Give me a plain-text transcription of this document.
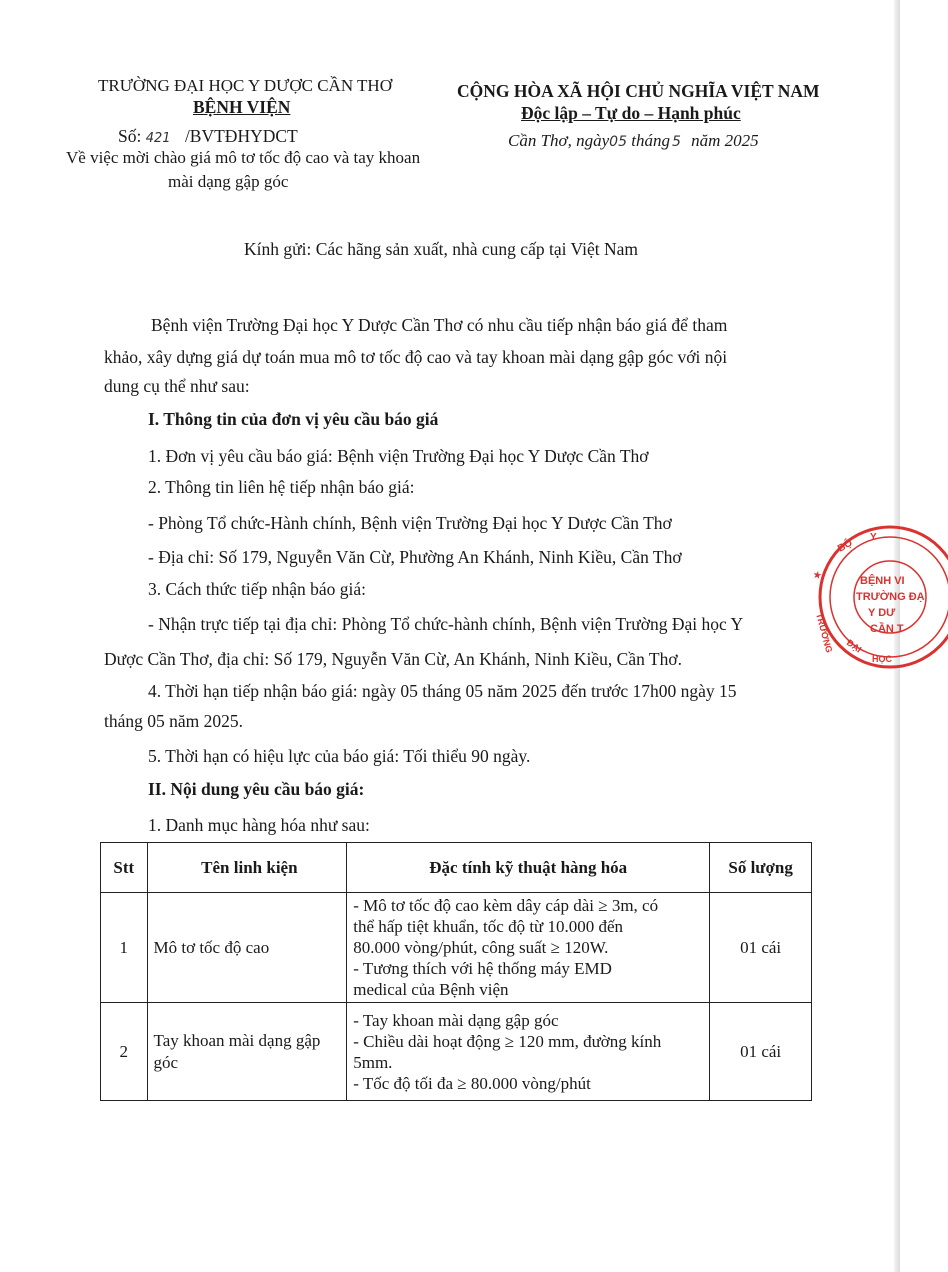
TRƯỜNG ĐẠI HỌC Y DƯỢC CẦN THƠ
BỆNH VIỆN
Số: 421 /BVTĐHYDCT
Về việc mời chào giá mô tơ tốc độ cao và tay khoan
mài dạng gập góc
CỘNG HÒA XÃ HỘI CHỦ NGHĨA VIỆT NAM
Độc lập – Tự do – Hạnh phúc
Cần Thơ, ngày05 tháng 5 năm 2025
Kính gửi: Các hãng sản xuất, nhà cung cấp tại Việt Nam
Bệnh viện Trường Đại học Y Dược Cần Thơ có nhu cầu tiếp nhận báo giá để tham
khảo, xây dựng giá dự toán mua mô tơ tốc độ cao và tay khoan mài dạng gập góc với nội
dung cụ thể như sau:
I. Thông tin của đơn vị yêu cầu báo giá
1. Đơn vị yêu cầu báo giá: Bệnh viện Trường Đại học Y Dược Cần Thơ
2. Thông tin liên hệ tiếp nhận báo giá:
- Phòng Tổ chức-Hành chính, Bệnh viện Trường Đại học Y Dược Cần Thơ
- Địa chỉ: Số 179, Nguyễn Văn Cừ, Phường An Khánh, Ninh Kiều, Cần Thơ
3. Cách thức tiếp nhận báo giá:
- Nhận trực tiếp tại địa chỉ: Phòng Tổ chức-hành chính, Bệnh viện Trường Đại học Y
Dược Cần Thơ, địa chỉ: Số 179, Nguyễn Văn Cừ, An Khánh, Ninh Kiều, Cần Thơ.
4. Thời hạn tiếp nhận báo giá: ngày 05 tháng 05 năm 2025 đến trước 17h00 ngày 15
tháng 05 năm 2025.
5. Thời hạn có hiệu lực của báo giá: Tối thiểu 90 ngày.
II. Nội dung yêu cầu báo giá:
1. Danh mục hàng hóa như sau:
Stt	Tên linh kiện	Đặc tính kỹ thuật hàng hóa	Số lượng
1	Mô tơ tốc độ cao	- Mô tơ tốc độ cao kèm dây cáp dài ≥ 3m, có
thể hấp tiệt khuẩn, tốc độ từ 10.000 đến
80.000 vòng/phút, công suất ≥ 120W.
- Tương thích với hệ thống máy EMD
medical của Bệnh viện	01 cái
2	Tay khoan mài dạng gập góc	- Tay khoan mài dạng gập góc
- Chiều dài hoạt động ≥ 120 mm, đường kính
5mm.
- Tốc độ tối đa ≥ 80.000 vòng/phút	01 cái
★
BỘ
Y
TRƯỜNG ĐẠI
HỌC
BỆNH VI
TRƯỜNG ĐẠ
Y DƯ
CẦN T
